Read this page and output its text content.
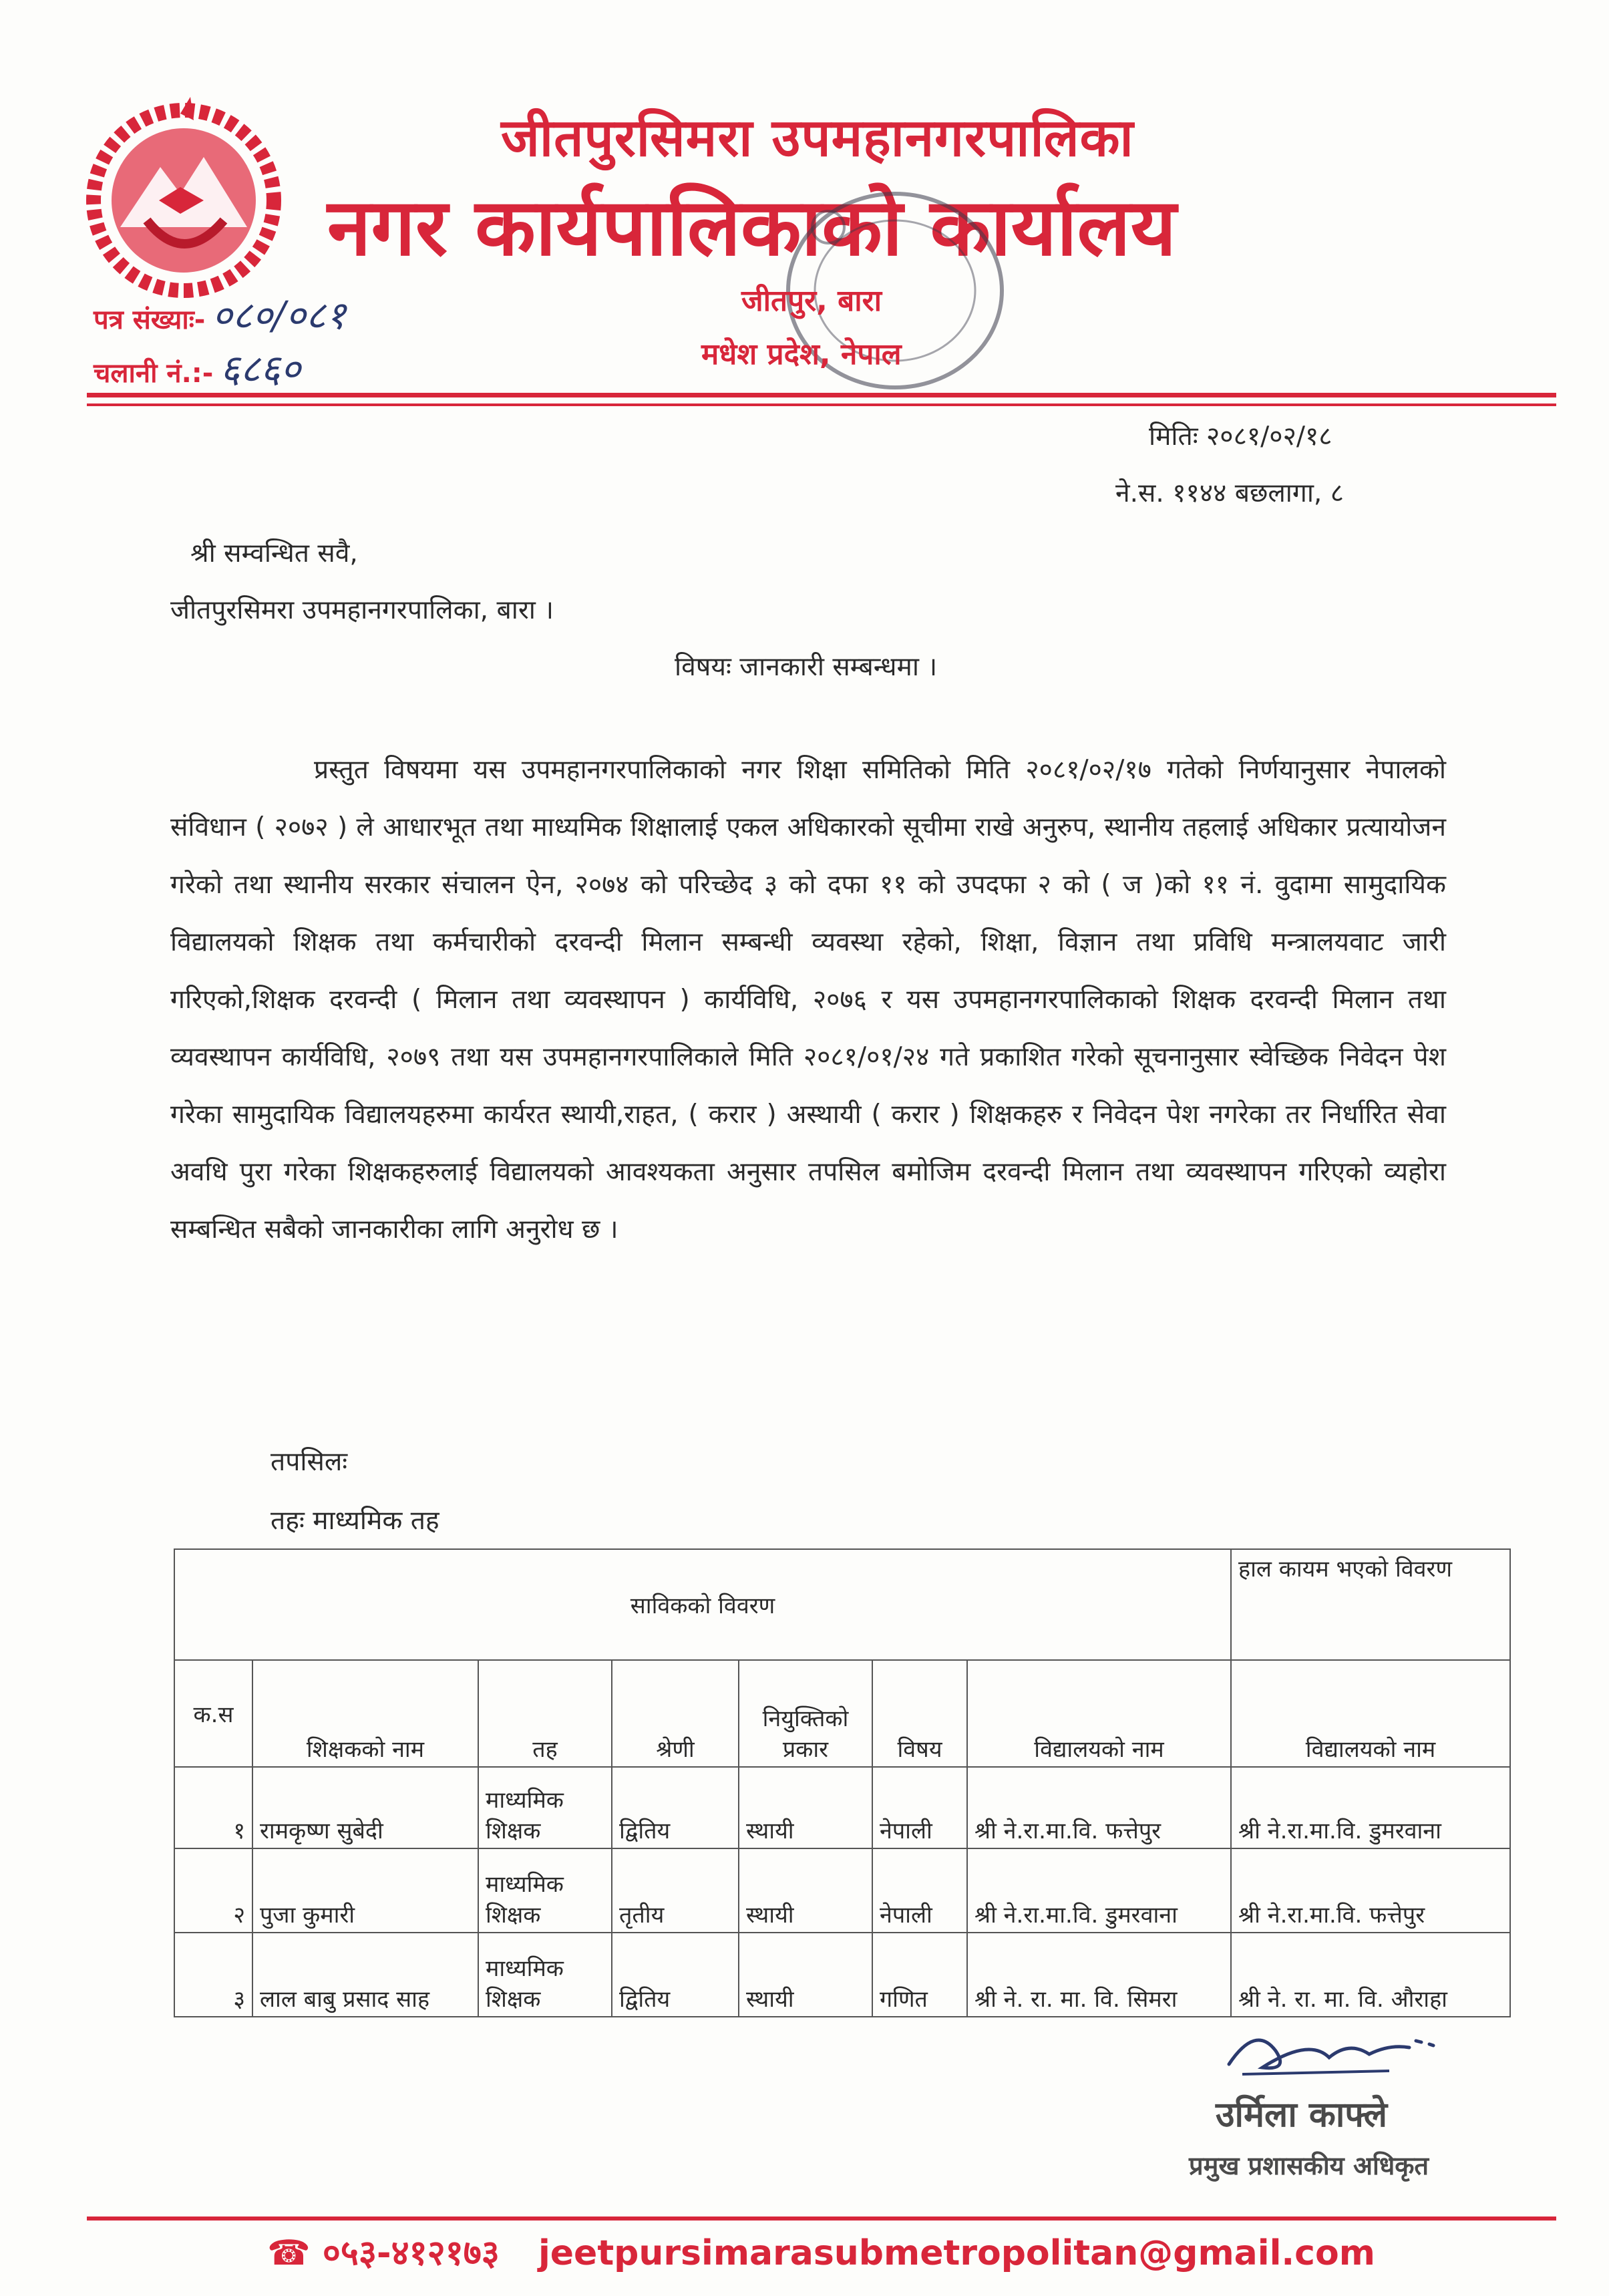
जीतपुरसिमरा उपमहानगरपालिका
नगर कार्यपालिकाको कार्यालय
जीतपुर, बारा
मधेश प्रदेश, नेपाल
पत्र संख्याः- ०८०/०८१
चलानी नं.:- ६८६०
मितिः २०८१/०२/१८
ने.स. ११४४ बछलागा, ८
श्री सम्वन्धित सवै,
जीतपुरसिमरा उपमहानगरपालिका, बारा ।
विषयः जानकारी सम्बन्धमा ।
प्रस्तुत विषयमा यस उपमहानगरपालिकाको नगर शिक्षा समितिको मिति २०८१/०२/१७ गतेको निर्णयानुसार नेपालको संविधान ( २०७२ ) ले आधारभूत तथा माध्यमिक शिक्षालाई एकल अधिकारको सूचीमा राखे अनुरुप, स्थानीय तहलाई अधिकार प्रत्यायोजन गरेको तथा स्थानीय सरकार संचालन ऐन, २०७४ को परिच्छेद ३ को दफा ११ को उपदफा २ को ( ज )को ११ नं. वुदामा सामुदायिक विद्यालयको शिक्षक तथा कर्मचारीको दरवन्दी मिलान सम्बन्धी व्यवस्था रहेको, शिक्षा, विज्ञान तथा प्रविधि मन्त्रालयवाट जारी गरिएको,शिक्षक दरवन्दी ( मिलान तथा व्यवस्थापन ) कार्यविधि, २०७६ र यस उपमहानगरपालिकाको शिक्षक दरवन्दी मिलान तथा व्यवस्थापन कार्यविधि, २०७९ तथा यस उपमहानगरपालिकाले मिति २०८१/०१/२४ गते प्रकाशित गरेको सूचनानुसार स्वेच्छिक निवेदन पेश गरेका सामुदायिक विद्यालयहरुमा कार्यरत स्थायी,राहत, ( करार ) अस्थायी ( करार ) शिक्षकहरु र निवेदन पेश नगरेका तर निर्धारित सेवा अवधि पुरा गरेका शिक्षकहरुलाई विद्यालयको आवश्यकता अनुसार तपसिल बमोजिम दरवन्दी मिलान तथा व्यवस्थापन गरिएको व्यहोरा सम्बन्धित सबैको जानकारीका लागि अनुरोध छ ।
तपसिलः
तहः माध्यमिक तह
साविकको विवरण							हाल कायम भएको विवरण
क.स	शिक्षकको नाम	तह	श्रेणी	नियुक्तिको प्रकार	विषय	विद्यालयको नाम	विद्यालयको नाम
१	रामकृष्ण सुबेदी	माध्यमिक शिक्षक	द्वितिय	स्थायी	नेपाली	श्री ने.रा.मा.वि. फत्तेपुर	श्री ने.रा.मा.वि. डुमरवाना
२	पुजा कुमारी	माध्यमिक शिक्षक	तृतीय	स्थायी	नेपाली	श्री ने.रा.मा.वि. डुमरवाना	श्री ने.रा.मा.वि. फत्तेपुर
३	लाल बाबु प्रसाद साह	माध्यमिक शिक्षक	द्वितिय	स्थायी	गणित	श्री ने. रा. मा. वि. सिमरा	श्री ने. रा. मा. वि. औराहा
उर्मिला काफ्ले
प्रमुख प्रशासकीय अधिकृत
☎ ०५३-४१२१७३ jeetpursimarasubmetropolitan@gmail.com
